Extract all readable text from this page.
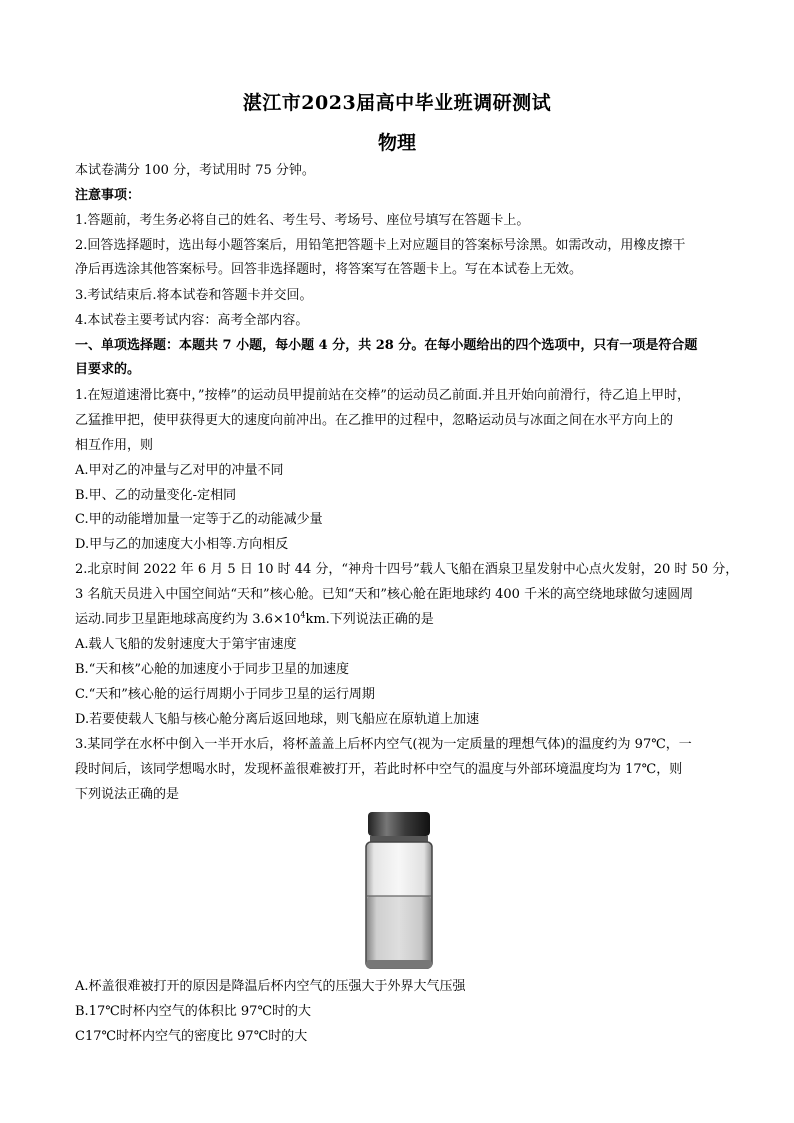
湛江市2023届高中毕业班调研测试
物理
本试卷满分 100 分，考试用时 75 分钟。
注意事项：
1.答题前，考生务必将自己的姓名、考生号、考场号、座位号填写在答题卡上。
2.回答选择题时，选出每小题答案后，用铅笔把答题卡上对应题目的答案标号涂黑。如需改动，用橡皮擦干
净后再选涂其他答案标号。回答非选择题时，将答案写在答题卡上。写在本试卷上无效。
3.考试结束后.将本试卷和答题卡并交回。
4.本试卷主要考试内容：高考全部内容。
一、单项选择题：本题共 7 小题，每小题 4 分，共 28 分。在每小题给出的四个选项中，只有一项是符合题
目要求的。
1.在短道速滑比赛中，”按棒”的运动员甲提前站在交棒”的运动员乙前面.并且开始向前滑行，待乙追上甲时，
乙猛推甲把，使甲获得更大的速度向前冲出。在乙推甲的过程中，忽略运动员与冰面之间在水平方向上的
相互作用，则
A.甲对乙的冲量与乙对甲的冲量不同
B.甲、乙的动量变化-定相同
C.甲的动能增加量一定等于乙的动能减少量
D.甲与乙的加速度大小相等.方向相反
2.北京时间 2022 年 6 月 5 日 10 时 44 分，“神舟十四号”载人飞船在酒泉卫星发射中心点火发射，20 时 50 分，
3 名航天员进入中国空间站“天和”核心舱。已知“天和”核心舱在距地球约 400 千米的高空绕地球做匀速圆周
运动.同步卫星距地球高度约为 $3.6\times 10^4km$.下列说法正确的是
A.载人飞船的发射速度大于第宇宙速度
B.“天和核”心舱的加速度小于同步卫星的加速度
C.“天和”核心舱的运行周期小于同步卫星的运行周期
D.若要使载人飞船与核心舱分离后返回地球，则飞船应在原轨道上加速
3.某同学在水杯中倒入一半开水后，将杯盖盖上后杯内空气(视为一定质量的理想气体)的温度约为 97℃，一
段时间后，该同学想喝水时，发现杯盖很难被打开，若此时杯中空气的温度与外部环境温度均为 17℃，则
下列说法正确的是
A.杯盖很难被打开的原因是降温后杯内空气的压强大于外界大气压强
B.17℃时杯内空气的体积比 97℃时的大
C17℃时杯内空气的密度比 97℃时的大
